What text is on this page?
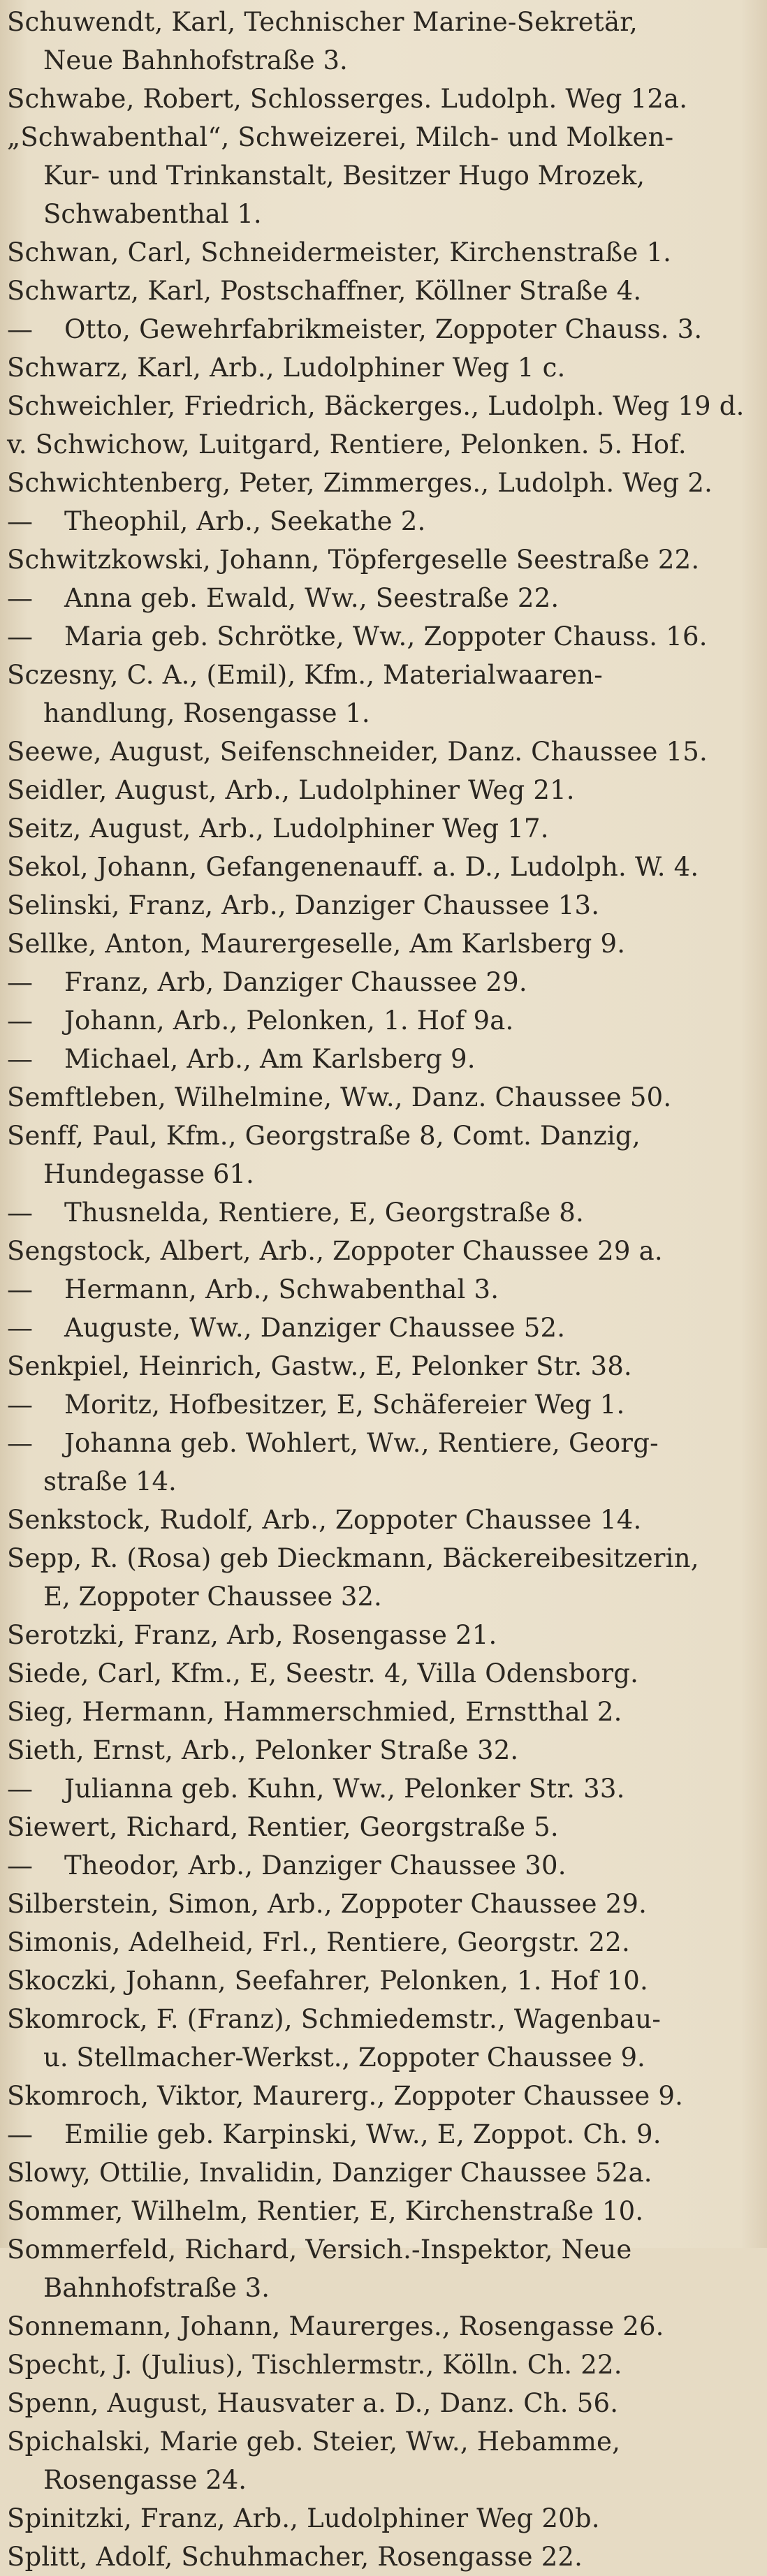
Schuwendt, Karl, Technischer Marine-Sekretär,
Neue Bahnhofstraße 3.
Schwabe, Robert, Schlosserges. Ludolph. Weg 12a.
„Schwabenthal“, Schweizerei, Milch- und Molken-
Kur- und Trinkanstalt, Besitzer Hugo Mrozek,
Schwabenthal 1.
Schwan, Carl, Schneidermeister, Kirchenstraße 1.
Schwartz, Karl, Postschaffner, Köllner Straße 4.
— Otto, Gewehrfabrikmeister, Zoppoter Chauss. 3.
Schwarz, Karl, Arb., Ludolphiner Weg 1 c.
Schweichler, Friedrich, Bäckerges., Ludolph. Weg 19 d.
v. Schwichow, Luitgard, Rentiere, Pelonken. 5. Hof.
Schwichtenberg, Peter, Zimmerges., Ludolph. Weg 2.
— Theophil, Arb., Seekathe 2.
Schwitzkowski, Johann, Töpfergeselle Seestraße 22.
— Anna geb. Ewald, Ww., Seestraße 22.
— Maria geb. Schrötke, Ww., Zoppoter Chauss. 16.
Sczesny, C. A., (Emil), Kfm., Materialwaaren-
handlung, Rosengasse 1.
Seewe, August, Seifenschneider, Danz. Chaussee 15.
Seidler, August, Arb., Ludolphiner Weg 21.
Seitz, August, Arb., Ludolphiner Weg 17.
Sekol, Johann, Gefangenenauff. a. D., Ludolph. W. 4.
Selinski, Franz, Arb., Danziger Chaussee 13.
Sellke, Anton, Maurergeselle, Am Karlsberg 9.
— Franz, Arb, Danziger Chaussee 29.
— Johann, Arb., Pelonken, 1. Hof 9a.
— Michael, Arb., Am Karlsberg 9.
Semftleben, Wilhelmine, Ww., Danz. Chaussee 50.
Senff, Paul, Kfm., Georgstraße 8, Comt. Danzig,
Hundegasse 61.
— Thusnelda, Rentiere, E, Georgstraße 8.
Sengstock, Albert, Arb., Zoppoter Chaussee 29 a.
— Hermann, Arb., Schwabenthal 3.
— Auguste, Ww., Danziger Chaussee 52.
Senkpiel, Heinrich, Gastw., E, Pelonker Str. 38.
— Moritz, Hofbesitzer, E, Schäfereier Weg 1.
— Johanna geb. Wohlert, Ww., Rentiere, Georg-
straße 14.
Senkstock, Rudolf, Arb., Zoppoter Chaussee 14.
Sepp, R. (Rosa) geb Dieckmann, Bäckereibesitzerin,
E, Zoppoter Chaussee 32.
Serotzki, Franz, Arb, Rosengasse 21.
Siede, Carl, Kfm., E, Seestr. 4, Villa Odensborg.
Sieg, Hermann, Hammerschmied, Ernstthal 2.
Sieth, Ernst, Arb., Pelonker Straße 32.
— Julianna geb. Kuhn, Ww., Pelonker Str. 33.
Siewert, Richard, Rentier, Georgstraße 5.
— Theodor, Arb., Danziger Chaussee 30.
Silberstein, Simon, Arb., Zoppoter Chaussee 29.
Simonis, Adelheid, Frl., Rentiere, Georgstr. 22.
Skoczki, Johann, Seefahrer, Pelonken, 1. Hof 10.
Skomrock, F. (Franz), Schmiedemstr., Wagenbau-
u. Stellmacher-Werkst., Zoppoter Chaussee 9.
Skomroch, Viktor, Maurerg., Zoppoter Chaussee 9.
— Emilie geb. Karpinski, Ww., E, Zoppot. Ch. 9.
Slowy, Ottilie, Invalidin, Danziger Chaussee 52a.
Sommer, Wilhelm, Rentier, E, Kirchenstraße 10.
Sommerfeld, Richard, Versich.-Inspektor, Neue
Bahnhofstraße 3.
Sonnemann, Johann, Maurerges., Rosengasse 26.
Specht, J. (Julius), Tischlermstr., Kölln. Ch. 22.
Spenn, August, Hausvater a. D., Danz. Ch. 56.
Spichalski, Marie geb. Steier, Ww., Hebamme,
Rosengasse 24.
Spinitzki, Franz, Arb., Ludolphiner Weg 20b.
Splitt, Adolf, Schuhmacher, Rosengasse 22.
